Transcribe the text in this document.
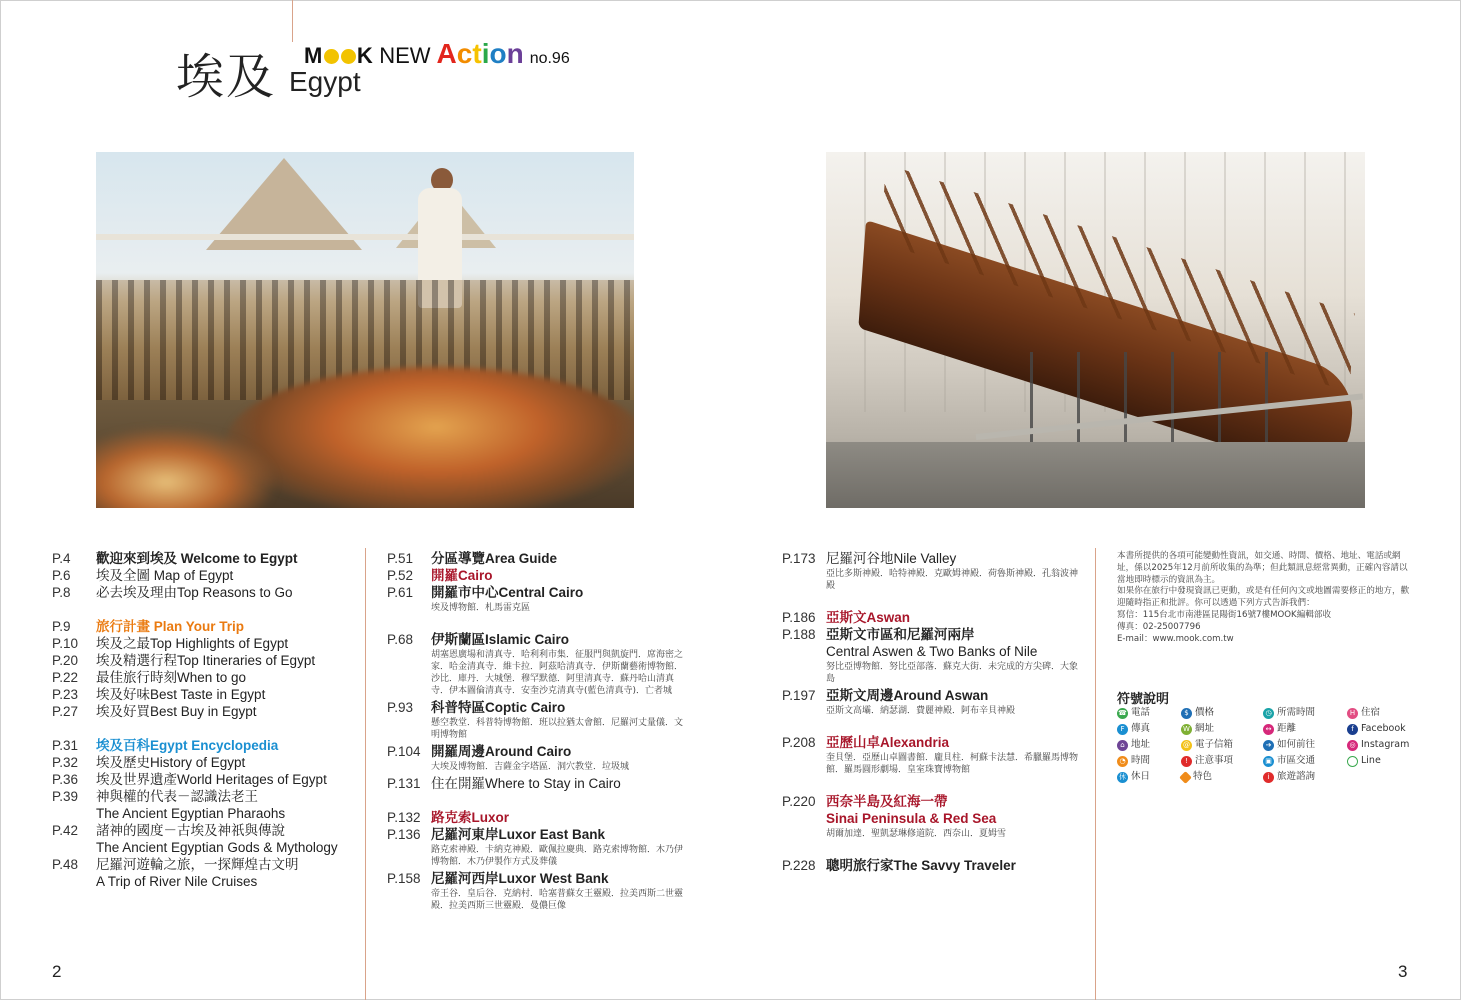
埃及 Egypt
M K NEW Action no.96
P.4	歡迎來到埃及 Welcome to Egypt
P.6	埃及全圖 Map of Egypt
P.8	必去埃及理由Top Reasons to Go
P.9	旅行計畫 Plan Your Trip
P.10	埃及之最Top Highlights of Egypt
P.20	埃及精選行程Top Itineraries of Egypt
P.22	最佳旅行時刻When to go
P.23	埃及好味Best Taste in Egypt
P.27	埃及好買Best Buy in Egypt
P.31	埃及百科Egypt Encyclopedia
P.32	埃及歷史History of Egypt
P.36	埃及世界遺產World Heritages of Egypt
P.39	神與權的代表－認識法老王
The Ancient Egyptian Pharaohs
P.42	諸神的國度－古埃及神祇與傳說
The Ancient Egyptian Gods & Mythology
P.48	尼羅河遊輪之旅，一探輝煌古文明
A Trip of River Nile Cruises
P.51	分區導覽Area Guide
P.52	開羅Cairo
P.61	開羅市中心Central Cairo
埃及博物館．札馬雷克區
P.68	伊斯蘭區Islamic Cairo
胡塞恩廣場和清真寺．哈利利市集．征服門與凱旋門．席海密之家．哈金清真寺．維卡拉．阿茲哈清真寺．伊斯蘭藝術博物館．沙比．庫丹．大城堡．穆罕默德．阿里清真寺．蘇丹哈山清真寺．伊本圖倫清真寺．安奎沙克清真寺(藍色清真寺)．亡者城
P.93	科普特區Coptic Cairo
懸空教堂．科普特博物館．班以拉猶太會館．尼羅河丈量儀．文明博物館
P.104 開羅周邊Around Cairo
大埃及博物館．吉薩金字塔區．洞穴教堂．垃圾城
P.131 住在開羅Where to Stay in Cairo
P.132 路克索Luxor
P.136 尼羅河東岸Luxor East Bank
路克索神殿．卡納克神殿．歐佩拉慶典．路克索博物館．木乃伊博物館．木乃伊製作方式及葬儀
P.158 尼羅河西岸Luxor West Bank
帝王谷．皇后谷．克納村．哈塞普蘇女王靈殿．拉美西斯二世靈殿．拉美西斯三世靈殿．曼儂巨像
P.173 尼羅河谷地Nile Valley
亞比多斯神殿．哈特神殿．克歐姆神殿．荷魯斯神殿．孔翁波神殿
P.186 亞斯文Aswan
P.188 亞斯文市區和尼羅河兩岸
Central Aswen & Two Banks of Nile
努比亞博物館．努比亞部落．蘇克大街．未完成的方尖碑．大象島
P.197 亞斯文周邊Around Aswan
亞斯文高壩．納瑟湖．費麗神殿．阿布辛貝神殿
P.208 亞歷山卓Alexandria
奎貝堡．亞歷山卓圖書館．龐貝柱．柯蘇卡法慧．希臘羅馬博物館．羅馬圓形劇場．皇室珠寶博物館
P.220 西奈半島及紅海一帶
Sinai Peninsula & Red Sea
胡爾加達．聖凱瑟琳修道院．西奈山．夏姆雪
P.228 聰明旅行家The Savvy Traveler
本書所提供的各項可能變動性資訊，如交通、時間、價格、地址、電話或網址，係以2025年12月前所收集的為準；但此類訊息經常異動，正確內容請以當地即時標示的資訊為主。
如果你在旅行中發現資訊已更動，或是有任何內文或地圖需要修正的地方，歡迎隨時指正和批評。你可以透過下列方式告訴我們：
寫信：115台北市南港區昆陽街16號7樓MOOK編輯部收
傳真：02-25007796
E-mail：www.mook.com.tw
符號說明
☎ 電話	$ 價格	◷ 所需時間	H 住宿
F 傳真	W 網址	↔ 距離	f Facebook
⌂ 地址	@ 電子信箱	➔ 如何前往	◎ Instagram
◔ 時間	! 注意事項	▣ 市區交通	Line
休 休日	特色	i 旅遊諮詢
2	3
